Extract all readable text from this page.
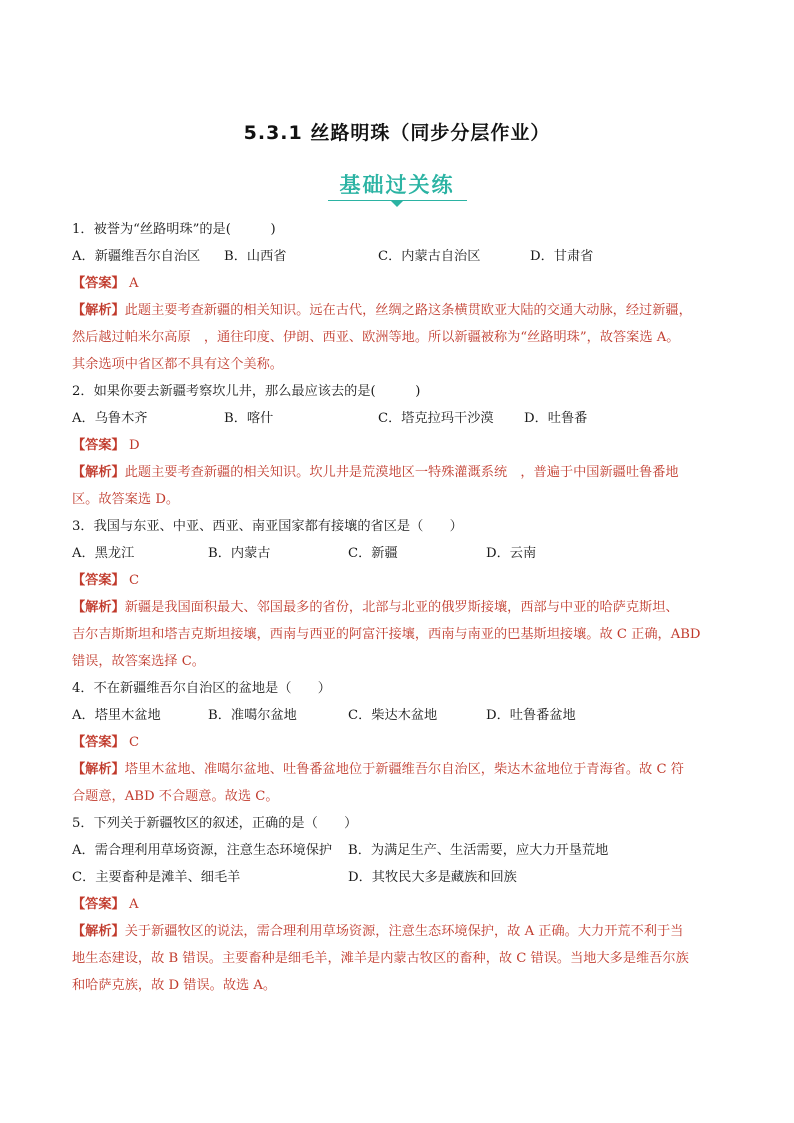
5.3.1 丝路明珠（同步分层作业）
基础过关练
1．被誉为“丝路明珠”的是(　　　)
A．新疆维吾尔自治区	B．山西省	C．内蒙古自治区	D．甘肃省
【答案】 A
【解析】此题主要考查新疆的相关知识。远在古代，丝绸之路这条横贯欧亚大陆的交通大动脉，经过新疆，
然后越过帕米尔高原　，通往印度、伊朗、西亚、欧洲等地。所以新疆被称为“丝路明珠”，故答案选 A。
其余选项中省区都不具有这个美称。
2．如果你要去新疆考察坎儿井，那么最应该去的是(　　　)
A．乌鲁木齐	B．喀什	C．塔克拉玛干沙漠	D．吐鲁番
【答案】 D
【解析】此题主要考查新疆的相关知识。坎儿井是荒漠地区一特殊灌溉系统　，普遍于中国新疆吐鲁番地
区。故答案选 D。
3．我国与东亚、中亚、西亚、南亚国家都有接壤的省区是（　　）
A．黑龙江	B．内蒙古	C．新疆	D．云南
【答案】 C
【解析】新疆是我国面积最大、邻国最多的省份，北部与北亚的俄罗斯接壤，西部与中亚的哈萨克斯坦、
吉尔吉斯斯坦和塔吉克斯坦接壤，西南与西亚的阿富汗接壤，西南与南亚的巴基斯坦接壤。故 C 正确，ABD
错误，故答案选择 C。
4．不在新疆维吾尔自治区的盆地是（　　）
A．塔里木盆地	B．准噶尔盆地	C．柴达木盆地	D．吐鲁番盆地
【答案】 C
【解析】塔里木盆地、准噶尔盆地、吐鲁番盆地位于新疆维吾尔自治区，柴达木盆地位于青海省。故 C 符
合题意，ABD 不合题意。故选 C。
5．下列关于新疆牧区的叙述，正确的是（　　）
A．需合理利用草场资源，注意生态环境保护	B．为满足生产、生活需要，应大力开垦荒地
C．主要畜种是滩羊、细毛羊	D．其牧民大多是藏族和回族
【答案】 A
【解析】关于新疆牧区的说法，需合理利用草场资源，注意生态环境保护，故 A 正确。大力开荒不利于当
地生态建设，故 B 错误。主要畜种是细毛羊，滩羊是内蒙古牧区的畜种，故 C 错误。当地大多是维吾尔族
和哈萨克族，故 D 错误。故选 A。
